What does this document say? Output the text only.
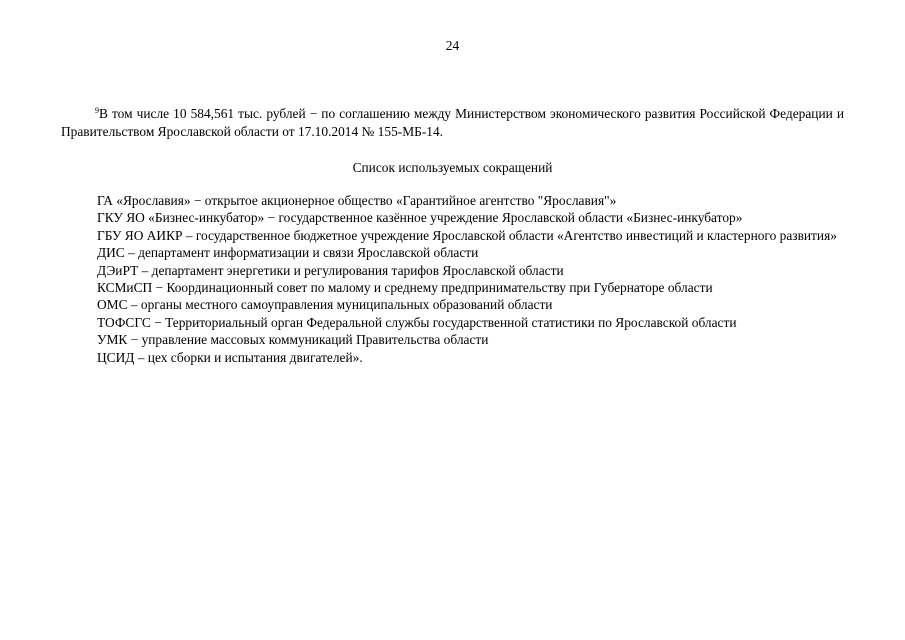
24
$^9$В том числе 10 584,561 тыс. рублей − по соглашению между Министерством экономического развития Российской Федерации и Правительством Ярославской области от 17.10.2014 № 155-МБ-14.
Список используемых сокращений
ГА «Ярославия» − открытое акционерное общество «Гарантийное агентство "Ярославия"»
ГКУ ЯО «Бизнес-инкубатор» − государственное казённое учреждение Ярославской области «Бизнес-инкубатор»
ГБУ ЯО АИКР – государственное бюджетное учреждение Ярославской области «Агентство инвестиций и кластерного развития»
ДИС – департамент информатизации и связи Ярославской области
ДЭиРТ – департамент энергетики и регулирования тарифов Ярославской области
КСМиСП − Координационный совет по малому и среднему предпринимательству при Губернаторе области
ОМС – органы местного самоуправления муниципальных образований области
ТОФСГС − Территориальный орган Федеральной службы государственной статистики по Ярославской области
УМК − управление массовых коммуникаций Правительства области
ЦСИД – цех сборки и испытания двигателей».
